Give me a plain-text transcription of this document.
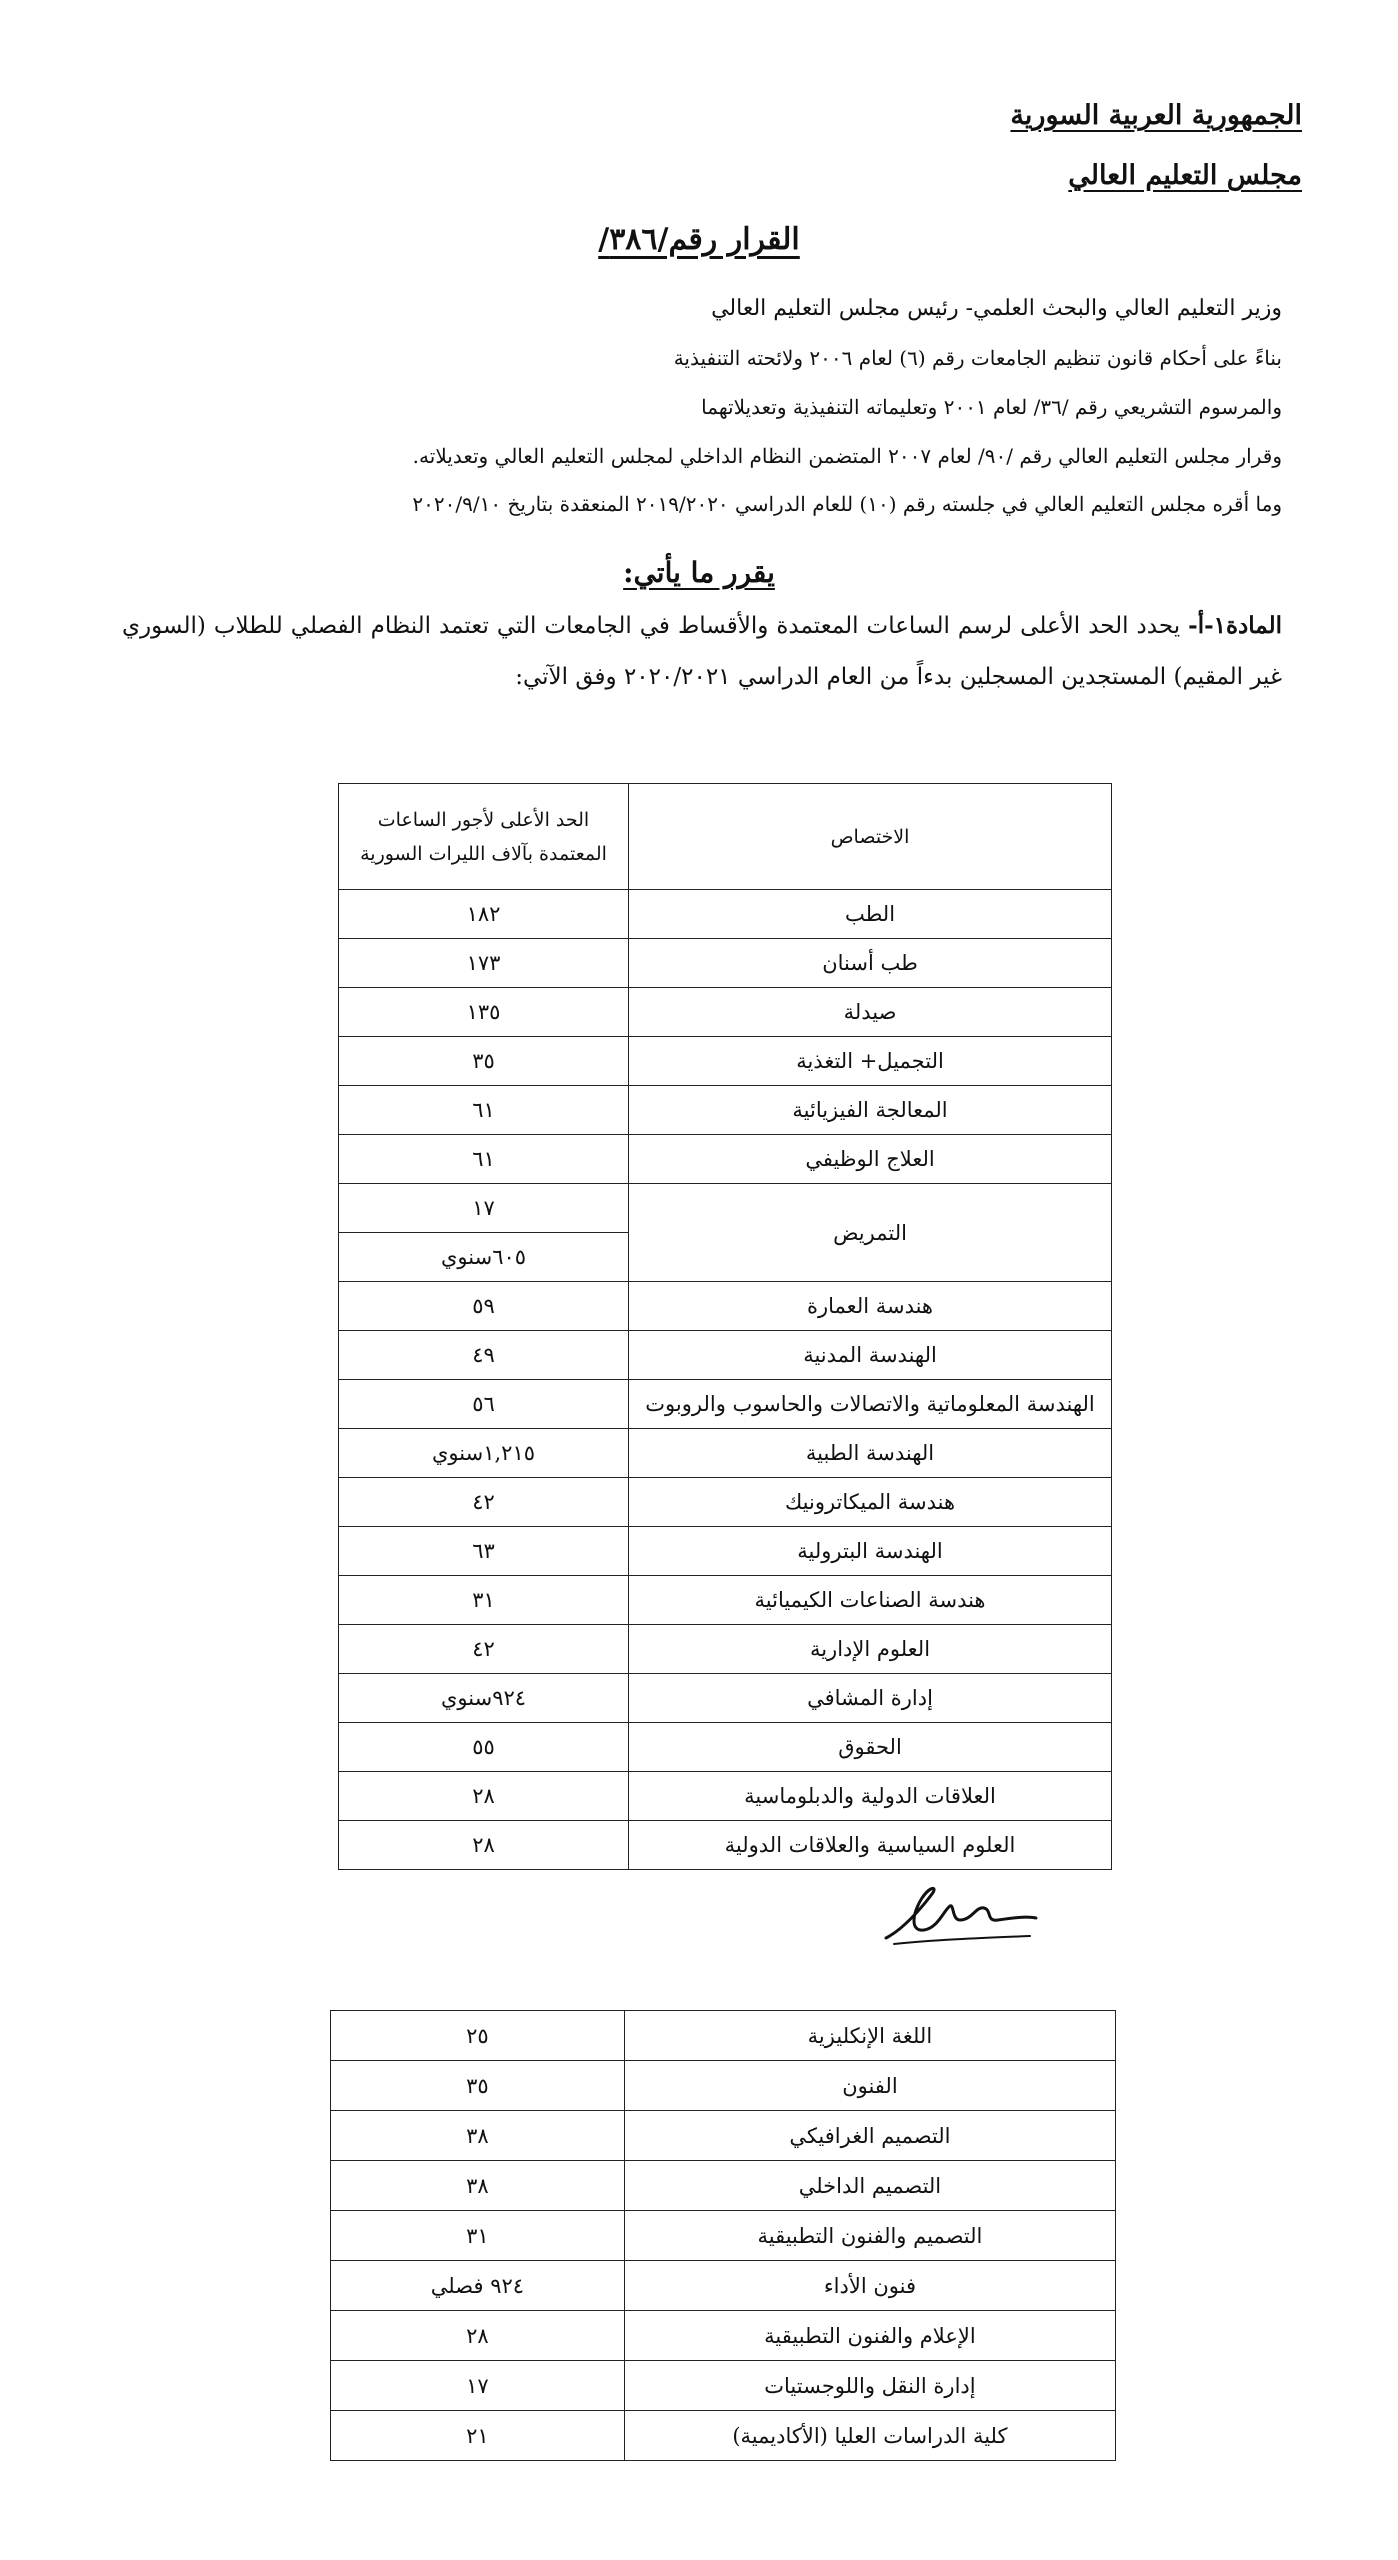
الجمهورية العربية السورية
مجلس التعليم العالي
القرار رقم/٣٨٦/
وزير التعليم العالي والبحث العلمي- رئيس مجلس التعليم العالي
بناءً على أحكام قانون تنظيم الجامعات رقم (٦) لعام ٢٠٠٦ ولائحته التنفيذية
والمرسوم التشريعي رقم /٣٦/ لعام ٢٠٠١ وتعليماته التنفيذية وتعديلاتهما
وقرار مجلس التعليم العالي رقم /٩٠/ لعام ٢٠٠٧ المتضمن النظام الداخلي لمجلس التعليم العالي وتعديلاته.
وما أقره مجلس التعليم العالي في جلسته رقم (١٠) للعام الدراسي ٢٠١٩/٢٠٢٠ المنعقدة بتاريخ ٢٠٢٠/٩/١٠
يقرر ما يأتي:
المادة١-أ- يحدد الحد الأعلى لرسم الساعات المعتمدة والأقساط في الجامعات التي تعتمد النظام الفصلي للطلاب (السوري غير المقيم) المستجدين المسجلين بدءاً من العام الدراسي ٢٠٢٠/٢٠٢١ وفق الآتي:
الاختصاص	الحد الأعلى لأجور الساعات
المعتمدة بآلاف الليرات السورية

الطب	١٨٢
طب أسنان	١٧٣
صيدلة	١٣٥
التجميل+ التغذية	٣٥
المعالجة الفيزيائية	٦١
العلاج الوظيفي	٦١
التمريض	١٧
	٦٠٥سنوي
هندسة العمارة	٥٩
الهندسة المدنية	٤٩
الهندسة المعلوماتية والاتصالات والحاسوب والروبوت	٥٦
الهندسة الطبية	١,٢١٥سنوي
هندسة الميكاترونيك	٤٢
الهندسة البترولية	٦٣
هندسة الصناعات الكيميائية	٣١
العلوم الإدارية	٤٢
إدارة المشافي	٩٢٤سنوي
الحقوق	٥٥
العلاقات الدولية والدبلوماسية	٢٨
العلوم السياسية والعلاقات الدولية	٢٨
اللغة الإنكليزية	٢٥
الفنون	٣٥
التصميم الغرافيكي	٣٨
التصميم الداخلي	٣٨
التصميم والفنون التطبيقية	٣١
فنون الأداء	٩٢٤ فصلي
الإعلام والفنون التطبيقية	٢٨
إدارة النقل واللوجستيات	١٧
كلية الدراسات العليا (الأكاديمية)	٢١
